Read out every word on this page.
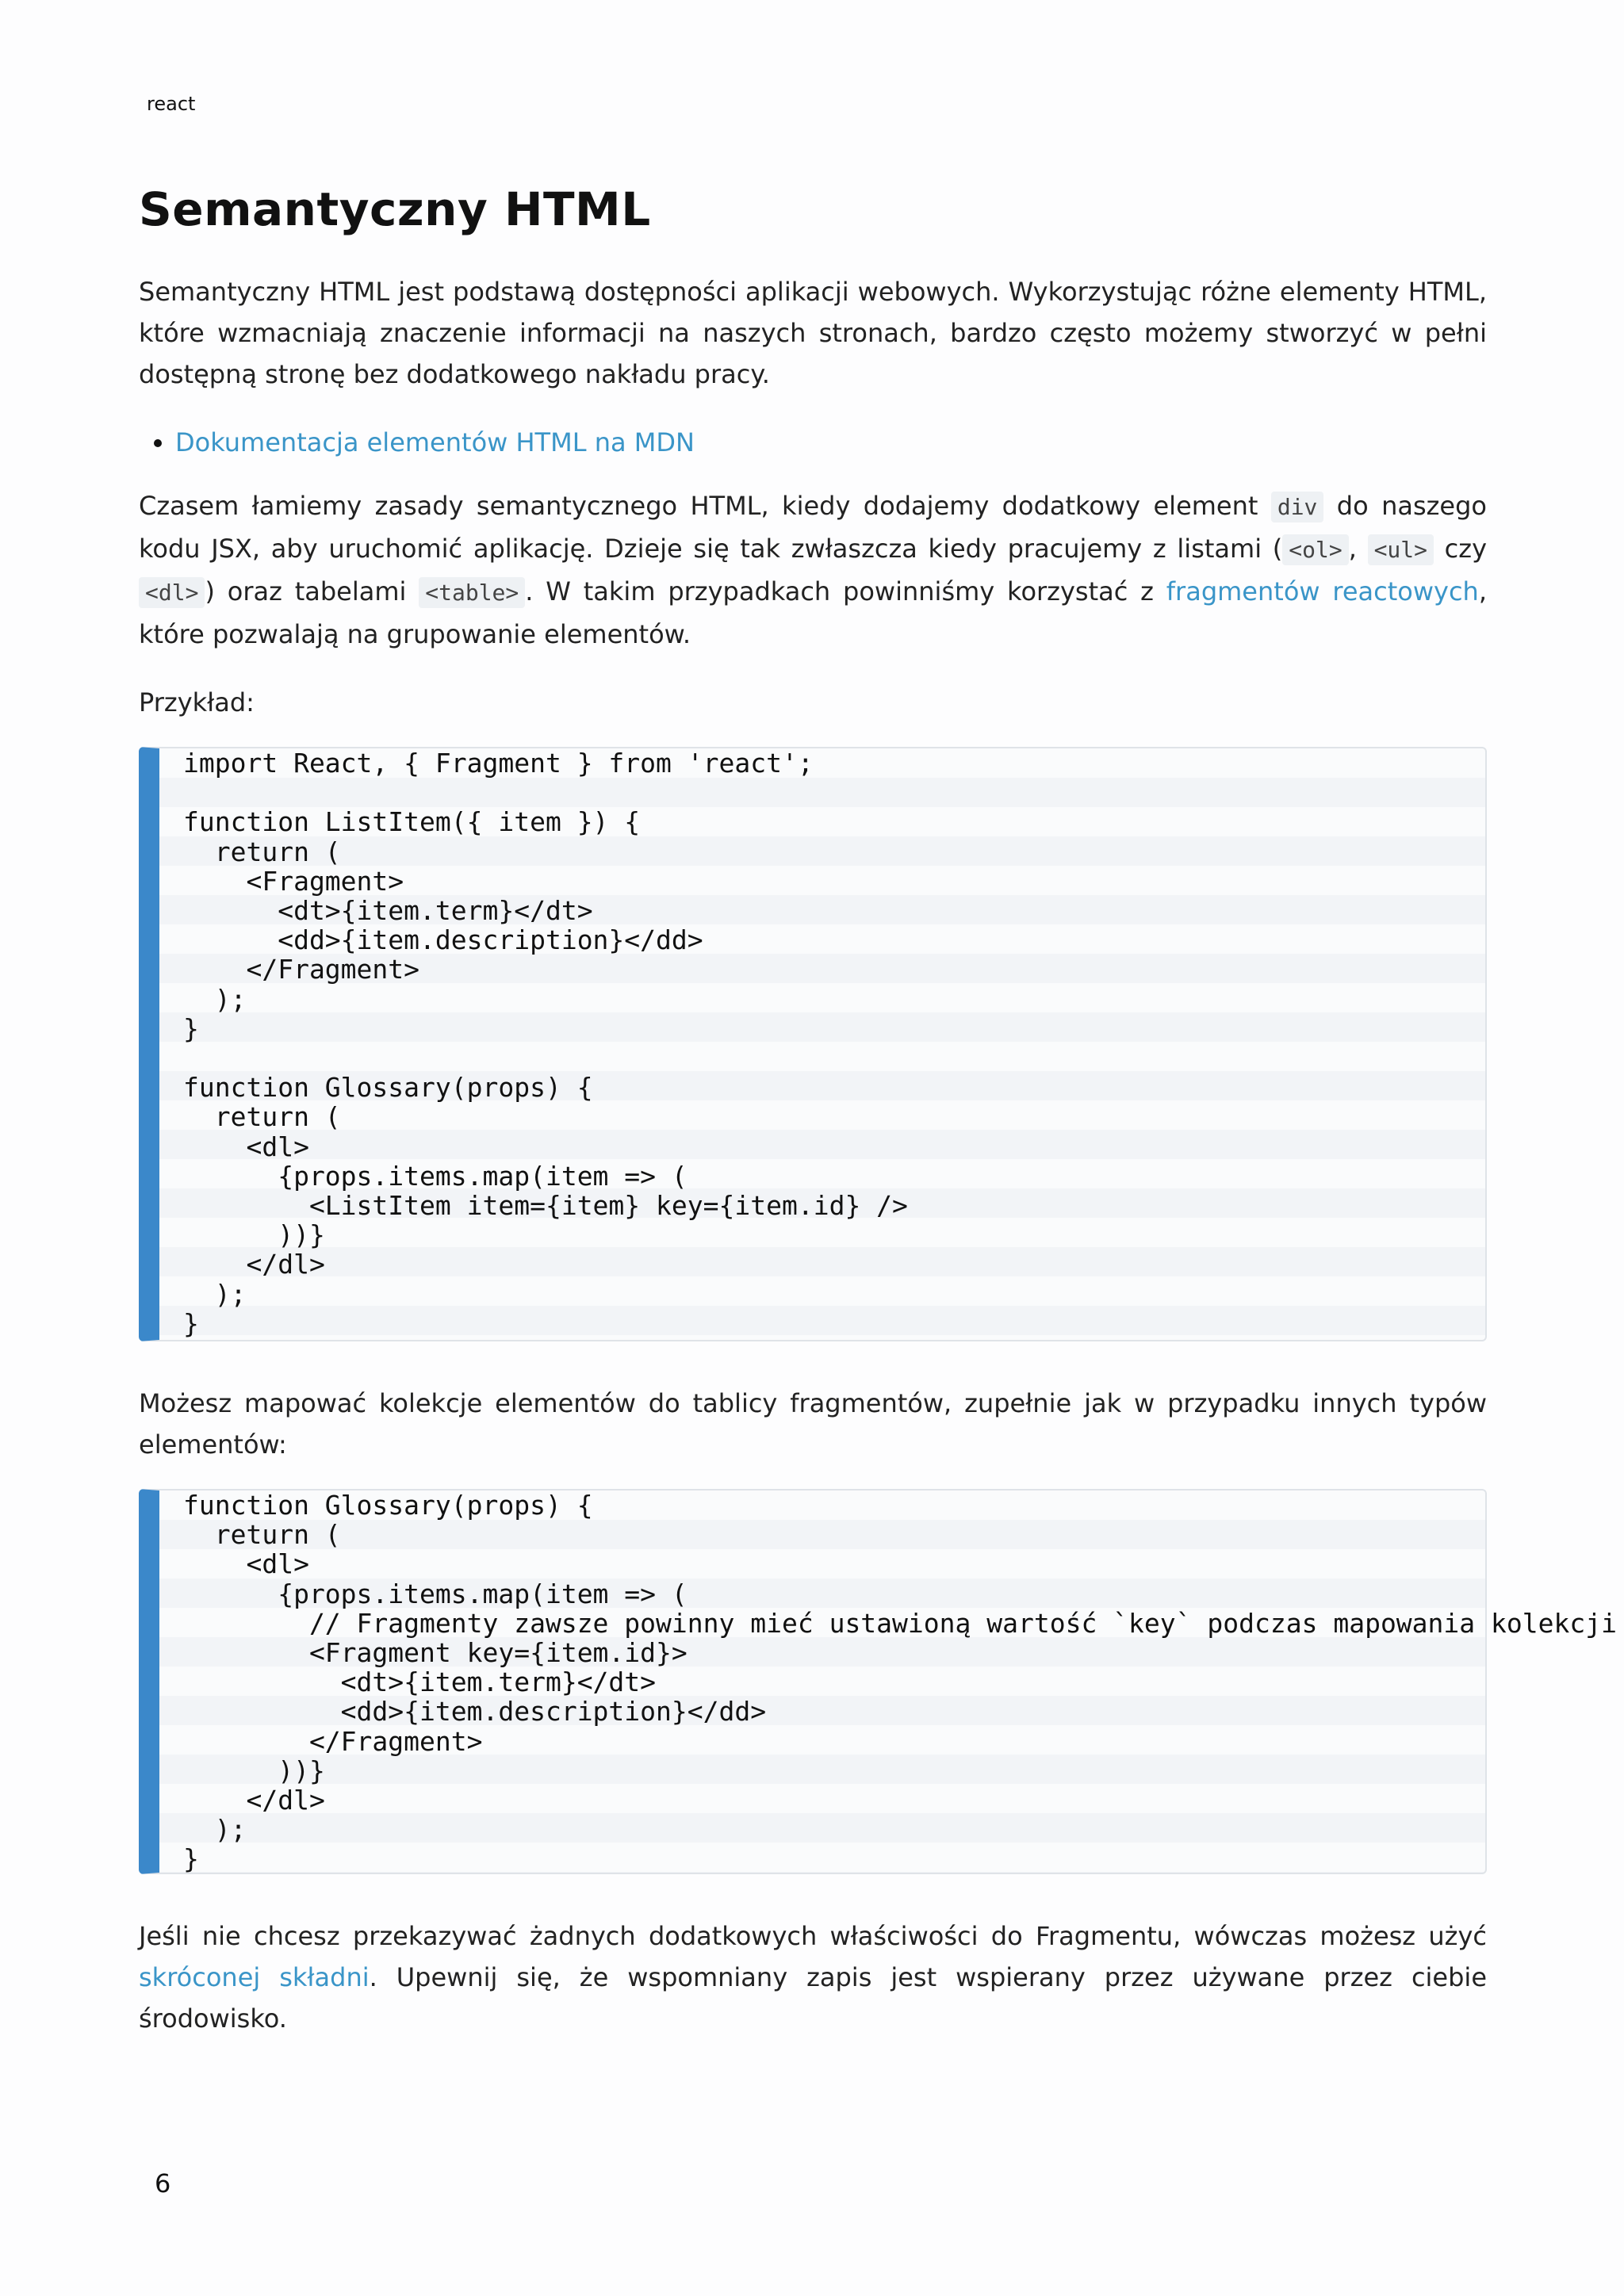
react
Semantyczny HTML

Semantyczny HTML jest podstawą dostępności aplikacji webowych. Wykorzystując różne elementy HTML, które wzmacniają znaczenie informacji na naszych stronach, bardzo często możemy stworzyć w pełni dostępną stronę bez dodatkowego nakładu pracy.

• Dokumentacja elementów HTML na MDN

Czasem łamiemy zasady semantycznego HTML, kiedy dodajemy dodatkowy element div do naszego kodu JSX, aby uruchomić aplikację. Dzieje się tak zwłaszcza kiedy pracujemy z listami ( <ol> , <ul> czy <dl> ) oraz tabelami <table> . W takim przypadkach powinniśmy korzystać z fragmentów reactowych, które pozwalają na grupowanie elementów.

Przykład:

import React, { Fragment } from 'react';

function ListItem({ item }) {
return (
<Fragment>
<dt>{item.term}</dt>
<dd>{item.description}</dd>
</Fragment>
);
}

function Glossary(props) {
return (
<dl>
{props.items.map(item => (
<ListItem item={item} key={item.id} />
))}
</dl>
);
}

Możesz mapować kolekcje elementów do tablicy fragmentów, zupełnie jak w przypadku innych typów elementów:

function Glossary(props) {
return (
<dl>
{props.items.map(item => (
// Fragmenty zawsze powinny mieć ustawioną wartość `key` podczas mapowania kolekcji
<Fragment key={item.id}>
<dt>{item.term}</dt>
<dd>{item.description}</dd>
</Fragment>
))}
</dl>
);
}

Jeśli nie chcesz przekazywać żadnych dodatkowych właściwości do Fragmentu, wówczas możesz użyć skróconej składni. Upewnij się, że wspomniany zapis jest wspierany przez używane przez ciebie środowisko.

6
